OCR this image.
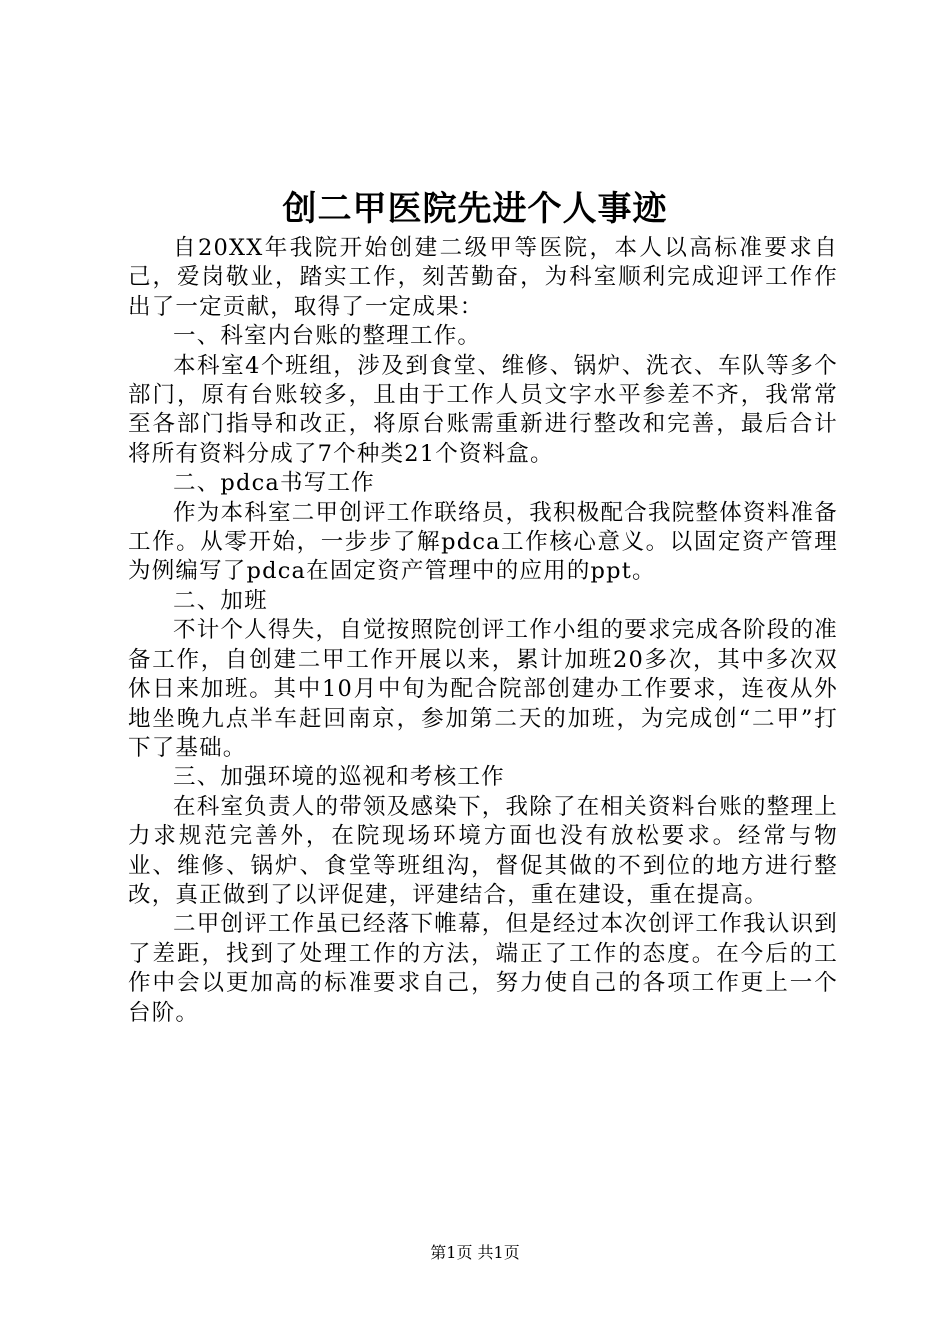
创二甲医院先进个人事迹

自20XX年我院开始创建二级甲等医院，本人以高标准要求自己，爱岗敬业，踏实工作，刻苦勤奋，为科室顺利完成迎评工作作出了一定贡献，取得了一定成果：

一、科室内台账的整理工作。

本科室4个班组，涉及到食堂、维修、锅炉、洗衣、车队等多个部门，原有台账较多，且由于工作人员文字水平参差不齐，我常常至各部门指导和改正，将原台账需重新进行整改和完善，最后合计将所有资料分成了7个种类21个资料盒。

二、pdca书写工作

作为本科室二甲创评工作联络员，我积极配合我院整体资料准备工作。从零开始，一步步了解pdca工作核心意义。以固定资产管理为例编写了pdca在固定资产管理中的应用的ppt。

二、加班

不计个人得失，自觉按照院创评工作小组的要求完成各阶段的准备工作，自创建二甲工作开展以来，累计加班20多次，其中多次双休日来加班。其中10月中旬为配合院部创建办工作要求，连夜从外地坐晚九点半车赶回南京，参加第二天的加班，为完成创“二甲”打下了基础。

三、加强环境的巡视和考核工作

在科室负责人的带领及感染下，我除了在相关资料台账的整理上力求规范完善外，在院现场环境方面也没有放松要求。经常与物业、维修、锅炉、食堂等班组沟，督促其做的不到位的地方进行整改，真正做到了以评促建，评建结合，重在建设，重在提高。

二甲创评工作虽已经落下帷幕，但是经过本次创评工作我认识到了差距，找到了处理工作的方法，端正了工作的态度。在今后的工作中会以更加高的标准要求自己，努力使自己的各项工作更上一个台阶。

第1页 共1页
